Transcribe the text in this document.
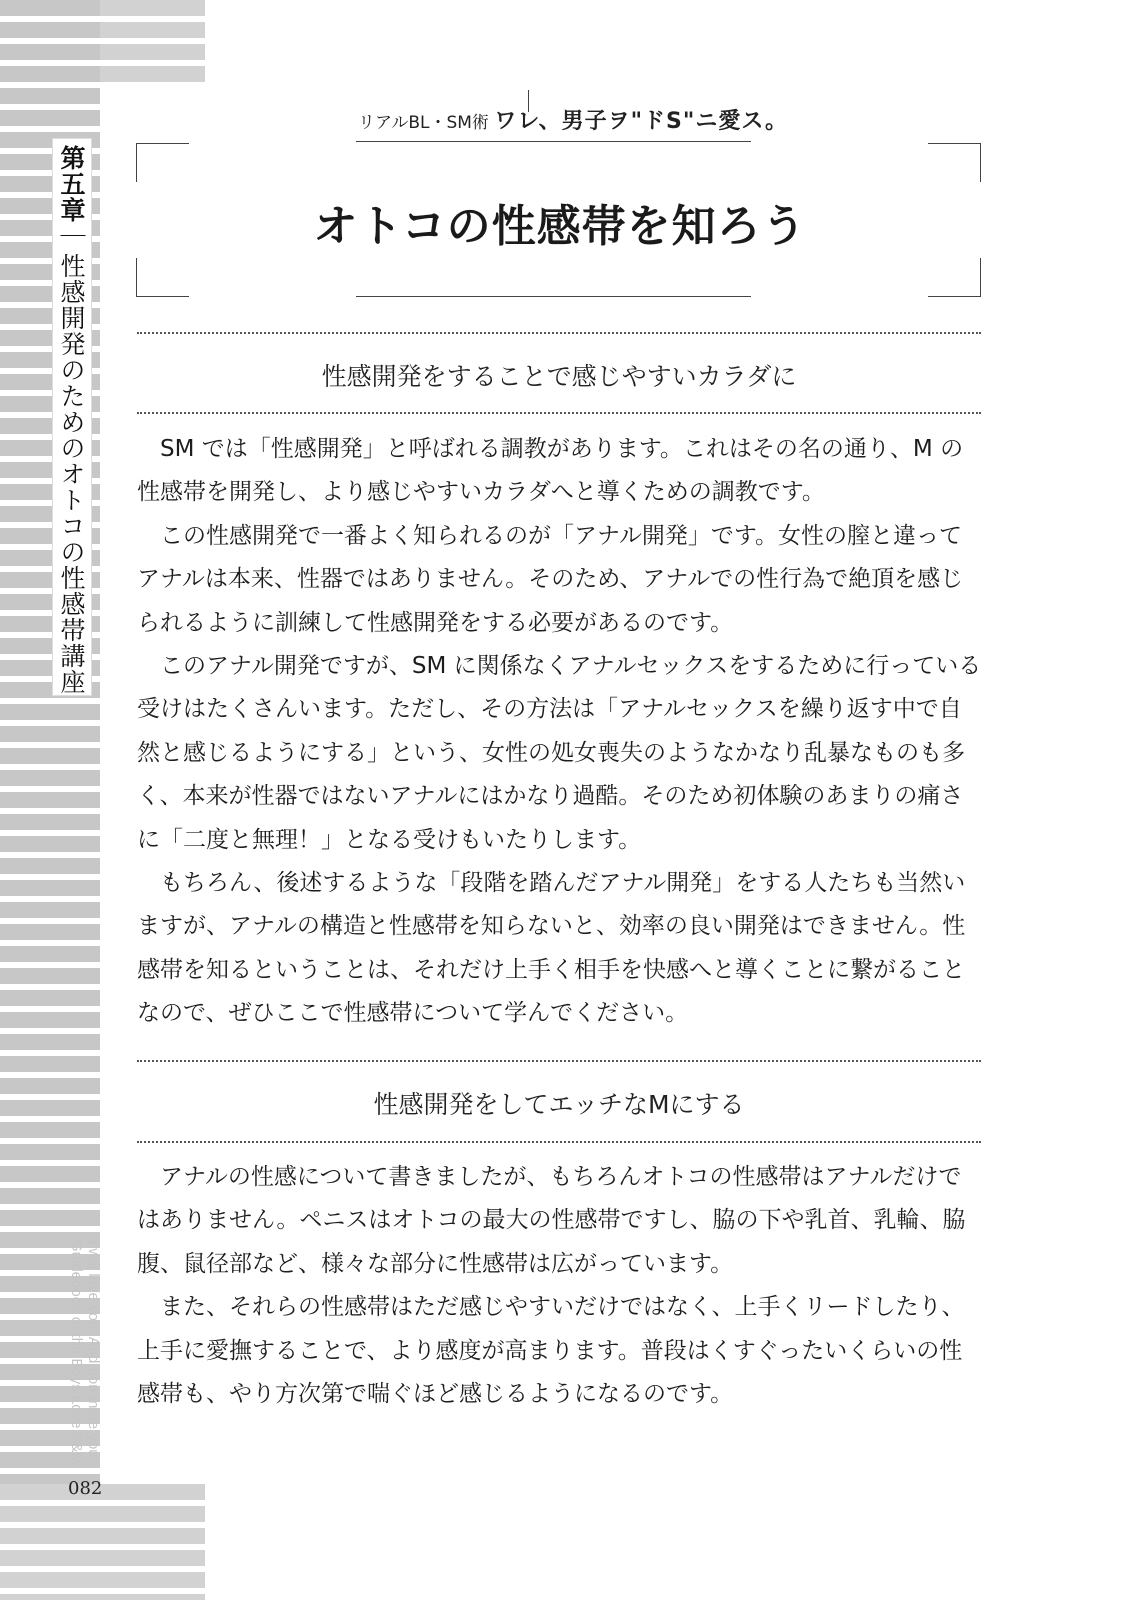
第五章｜性感開発のためのオトコの性感帯講座
I will love you. And dominate you.
Guidebook of the Boys Love S&M.
082
リアルBL・SM術 ワレ、男子ヲ"ドS"ニ愛ス。
オトコの性感帯を知ろう
性感開発をすることで感じやすいカラダに

SM では「性感開発」と呼ばれる調教があります。これはその名の通り、M の性感帯を開発し、より感じやすいカラダへと導くための調教です。

この性感開発で一番よく知られるのが「アナル開発」です。女性の膣と違ってアナルは本来、性器ではありません。そのため、アナルでの性行為で絶頂を感じられるように訓練して性感開発をする必要があるのです。

このアナル開発ですが、SM に関係なくアナルセックスをするために行っている受けはたくさんいます。ただし、その方法は「アナルセックスを繰り返す中で自然と感じるようにする」という、女性の処女喪失のようなかなり乱暴なものも多く、本来が性器ではないアナルにはかなり過酷。そのため初体験のあまりの痛さに「二度と無理！」となる受けもいたりします。

もちろん、後述するような「段階を踏んだアナル開発」をする人たちも当然いますが、アナルの構造と性感帯を知らないと、効率の良い開発はできません。性感帯を知るということは、それだけ上手く相手を快感へと導くことに繋がることなので、ぜひここで性感帯について学んでください。

性感開発をしてエッチなMにする

アナルの性感について書きましたが、もちろんオトコの性感帯はアナルだけではありません。ペニスはオトコの最大の性感帯ですし、脇の下や乳首、乳輪、脇腹、鼠径部など、様々な部分に性感帯は広がっています。

また、それらの性感帯はただ感じやすいだけではなく、上手くリードしたり、上手に愛撫することで、より感度が高まります。普段はくすぐったいくらいの性感帯も、やり方次第で喘ぐほど感じるようになるのです。
